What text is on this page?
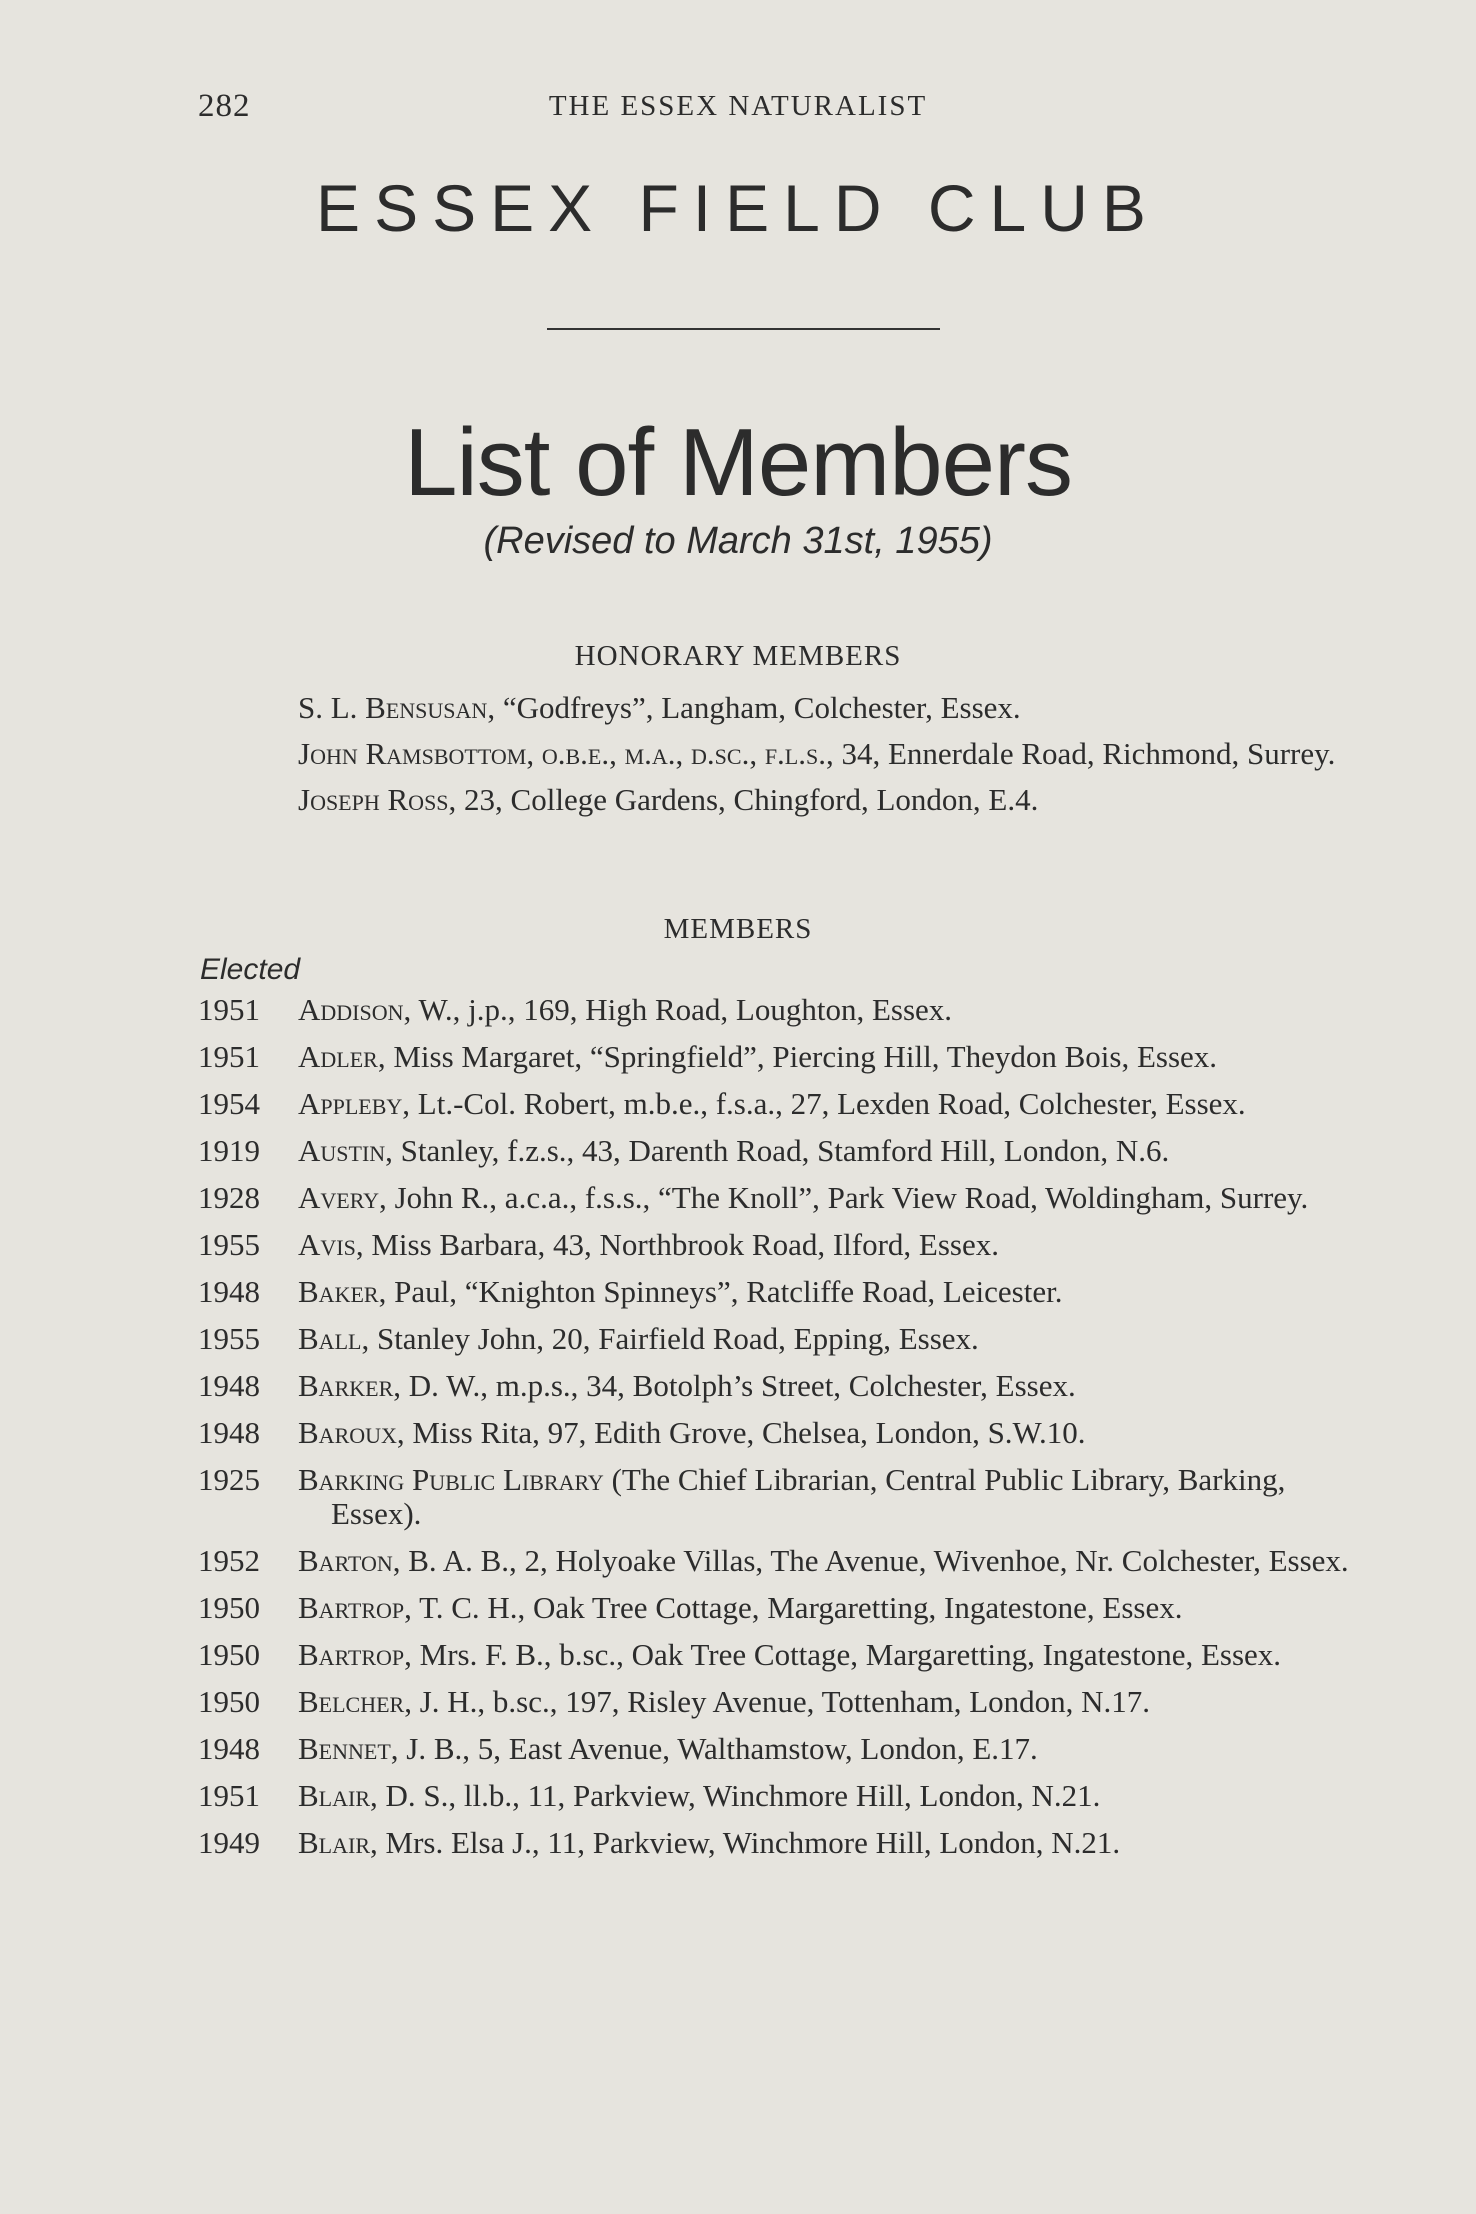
282	THE ESSEX NATURALIST
ESSEX FIELD CLUB
List of Members
(Revised to March 31st, 1955)
HONORARY MEMBERS
S. L. Bensusan, “Godfreys”, Langham, Colchester, Essex.
John Ramsbottom, o.b.e., m.a., d.sc., f.l.s., 34, Ennerdale Road, Richmond, Surrey.
Joseph Ross, 23, College Gardens, Chingford, London, E.4.
MEMBERS
Elected
1951	Addison, W., j.p., 169, High Road, Loughton, Essex.
1951	Adler, Miss Margaret, “Springfield”, Piercing Hill, Theydon Bois, Essex.
1954	Appleby, Lt.-Col. Robert, m.b.e., f.s.a., 27, Lexden Road, Colchester, Essex.
1919	Austin, Stanley, f.z.s., 43, Darenth Road, Stamford Hill, London, N.6.
1928	Avery, John R., a.c.a., f.s.s., “The Knoll”, Park View Road, Woldingham, Surrey.
1955	Avis, Miss Barbara, 43, Northbrook Road, Ilford, Essex.
1948	Baker, Paul, “Knighton Spinneys”, Ratcliffe Road, Leicester.
1955	Ball, Stanley John, 20, Fairfield Road, Epping, Essex.
1948	Barker, D. W., m.p.s., 34, Botolph’s Street, Colchester, Essex.
1948	Baroux, Miss Rita, 97, Edith Grove, Chelsea, London, S.W.10.
1925	Barking Public Library (The Chief Librarian, Central Public Library, Barking, Essex).
1952	Barton, B. A. B., 2, Holyoake Villas, The Avenue, Wivenhoe, Nr. Colchester, Essex.
1950	Bartrop, T. C. H., Oak Tree Cottage, Margaretting, Ingatestone, Essex.
1950	Bartrop, Mrs. F. B., b.sc., Oak Tree Cottage, Margaretting, Ingatestone, Essex.
1950	Belcher, J. H., b.sc., 197, Risley Avenue, Tottenham, London, N.17.
1948	Bennet, J. B., 5, East Avenue, Walthamstow, London, E.17.
1951	Blair, D. S., ll.b., 11, Parkview, Winchmore Hill, London, N.21.
1949	Blair, Mrs. Elsa J., 11, Parkview, Winchmore Hill, London, N.21.
